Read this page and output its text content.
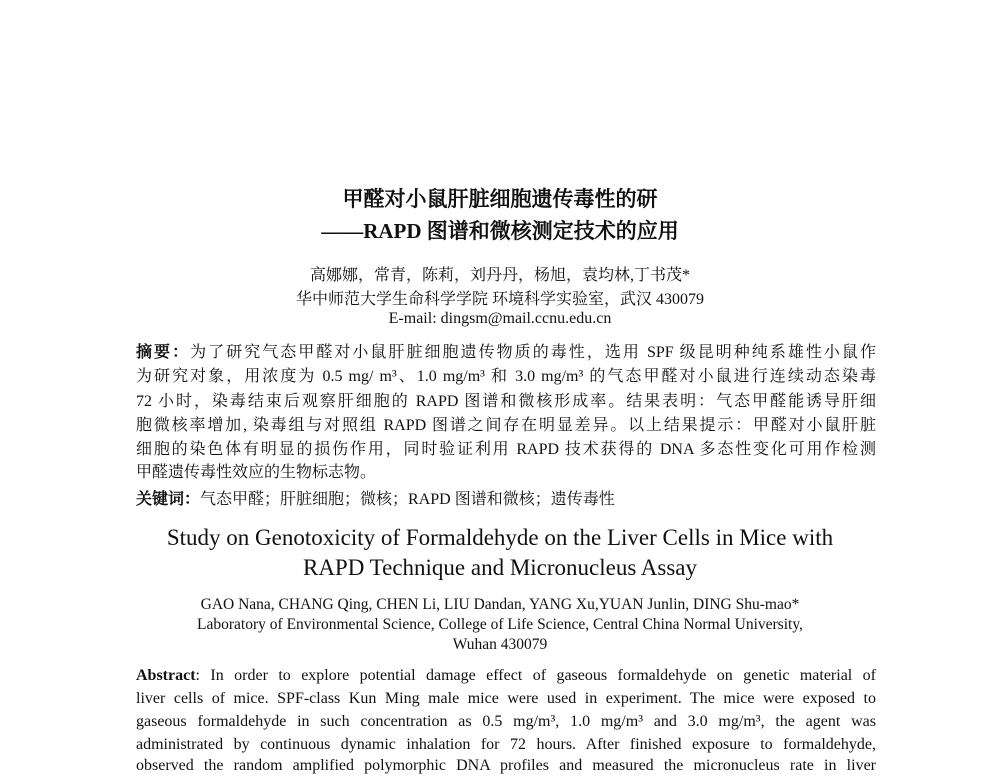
甲醛对小鼠肝脏细胞遗传毒性的研
——RAPD 图谱和微核测定技术的应用
高娜娜，常青，陈莉，刘丹丹，杨旭，袁均林,丁书茂*
华中师范大学生命科学学院 环境科学实验室，武汉 430079
E-mail: dingsm@mail.ccnu.edu.cn
摘要：为了研究气态甲醛对小鼠肝脏细胞遗传物质的毒性，选用 SPF 级昆明种纯系雄性小鼠作
为研究对象，用浓度为 0.5 mg/ m³、1.0 mg/m³ 和 3.0 mg/m³ 的气态甲醛对小鼠进行连续动态染毒
72 小时，染毒结束后观察肝细胞的 RAPD 图谱和微核形成率。结果表明：气态甲醛能诱导肝细
胞微核率增加, 染毒组与对照组 RAPD 图谱之间存在明显差异。以上结果提示：甲醛对小鼠肝脏
细胞的染色体有明显的损伤作用，同时验证利用 RAPD 技术获得的 DNA 多态性变化可用作检测
甲醛遗传毒性效应的生物标志物。
关键词：气态甲醛；肝脏细胞；微核；RAPD 图谱和微核；遗传毒性
Study on Genotoxicity of Formaldehyde on the Liver Cells in Mice with
RAPD Technique and Micronucleus Assay
GAO Nana, CHANG Qing, CHEN Li, LIU Dandan, YANG Xu,YUAN Junlin, DING Shu-mao*
Laboratory of Environmental Science, College of Life Science, Central China Normal University,
Wuhan 430079
Abstract: In order to explore potential damage effect of gaseous formaldehyde on genetic material of
liver cells of mice. SPF-class Kun Ming male mice were used in experiment. The mice were exposed to
gaseous formaldehyde in such concentration as 0.5 mg/m³, 1.0 mg/m³ and 3.0 mg/m³, the agent was
administrated by continuous dynamic inhalation for 72 hours. After finished exposure to formaldehyde,
observed the random amplified polymorphic DNA profiles and measured the micronucleus rate in liver
